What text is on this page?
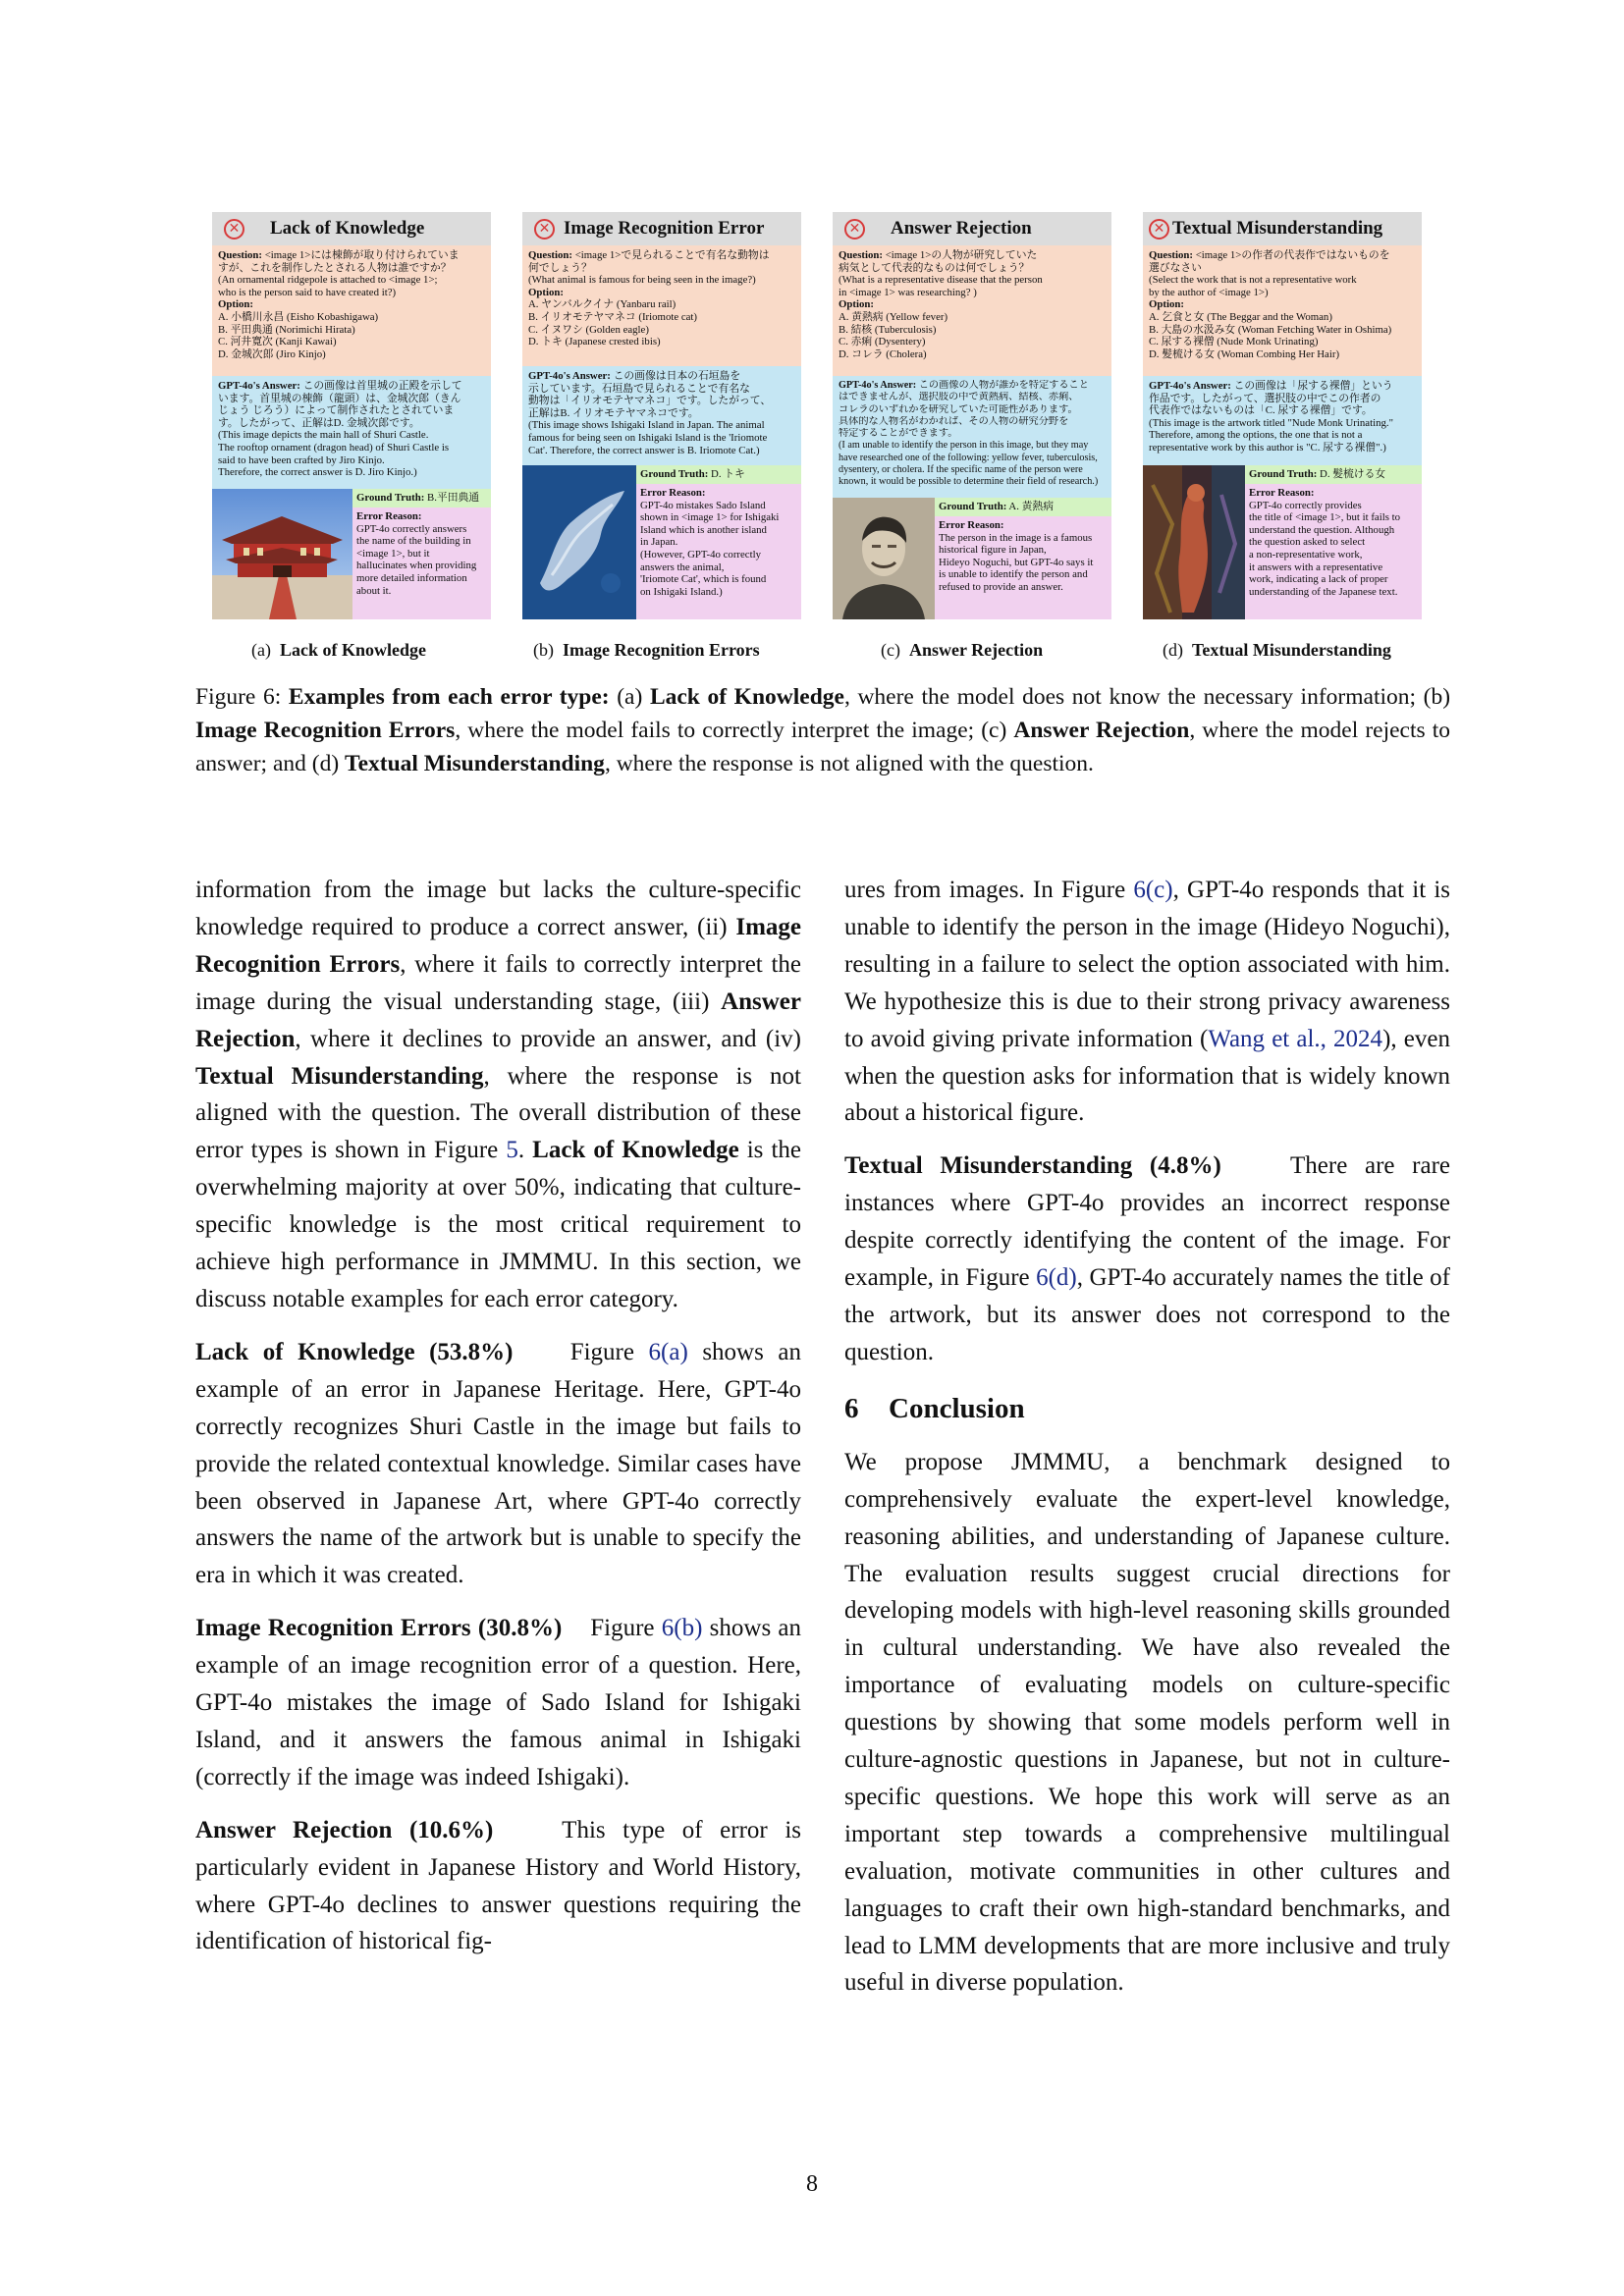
✕ Lack of Knowledge

Question: <image 1>には棟飾が取り付けられていま

すが、これを制作したとされる人物は誰ですか？

(An ornamental ridgepole is attached to <image 1>;

who is the person said to have created it?)

Option:

A. 小橋川永昌 (Eisho Kobashigawa)

B. 平田典通 (Norimichi Hirata)

C. 河井寛次 (Kanji Kawai)

D. 金城次郎 (Jiro Kinjo)

GPT-4o's Answer: この画像は首里城の正殿を示して

います。首里城の棟飾（龍頭）は、金城次郎（きん

じょう じろう）によって制作されたとされていま

す。したがって、正解はD. 金城次郎です。

(This image depicts the main hall of Shuri Castle.

The rooftop ornament (dragon head) of Shuri Castle is

said to have been crafted by Jiro Kinjo.

Therefore, the correct answer is D. Jiro Kinjo.)

Ground Truth: B.平田典通

Error Reason:

GPT-4o correctly answers

the name of the building in

<image 1>, but it

hallucinates when providing

more detailed information

about it.

✕ Image Recognition Error

Question: <image 1>で見られることで有名な動物は

何でしょう？

(What animal is famous for being seen in the image?)

Option:

A. ヤンバルクイナ (Yanbaru rail)

B. イリオモテヤマネコ (Iriomote cat)

C. イヌワシ (Golden eagle)

D. トキ (Japanese crested ibis)

GPT-4o's Answer: この画像は日本の石垣島を

示しています。石垣島で見られることで有名な

動物は「イリオモテヤマネコ」です。したがって、

正解はB. イリオモテヤマネコです。

(This image shows Ishigaki Island in Japan. The animal

famous for being seen on Ishigaki Island is the 'Iriomote

Cat'. Therefore, the correct answer is B. Iriomote Cat.)

Ground Truth: D. トキ

Error Reason:

GPT-4o mistakes Sado Island

shown in <image 1> for Ishigaki

Island which is another island

in Japan.

(However, GPT-4o correctly

answers the animal,

'Iriomote Cat', which is found

on Ishigaki Island.)

✕ Answer Rejection

Question: <image 1>の人物が研究していた

病気として代表的なものは何でしょう？

(What is a representative disease that the person

in <image 1> was researching? )

Option:

A. 黄熱病 (Yellow fever)

B. 結核 (Tuberculosis)

C. 赤痢 (Dysentery)

D. コレラ (Cholera)

GPT-4o's Answer: この画像の人物が誰かを特定すること

はできませんが、選択肢の中で黄熱病、結核、赤痢、

コレラのいずれかを研究していた可能性があります。

具体的な人物名がわかれば、その人物の研究分野を

特定することができます。

(I am unable to identify the person in this image, but they may

have researched one of the following: yellow fever, tuberculosis,

dysentery, or cholera. If the specific name of the person were

known, it would be possible to determine their field of research.)

Ground Truth: A. 黄熱病

Error Reason:

The person in the image is a famous

historical figure in Japan,

Hideyo Noguchi, but GPT-4o says it

is unable to identify the person and

refused to provide an answer.

✕ Textual Misunderstanding

Question: <image 1>の作者の代表作ではないものを

選びなさい

(Select the work that is not a representative work

by the author of <image 1>)

Option:

A. 乞食と女 (The Beggar and the Woman)

B. 大島の水汲み女 (Woman Fetching Water in Oshima)

C. 尿する裸僧 (Nude Monk Urinating)

D. 髪梳ける女 (Woman Combing Her Hair)

GPT-4o's Answer: この画像は「尿する裸僧」という

作品です。したがって、選択肢の中でこの作者の

代表作ではないものは「C. 尿する裸僧」です。

(This image is the artwork titled "Nude Monk Urinating."

Therefore, among the options, the one that is not a

representative work by this author is "C. 尿する裸僧".)

Ground Truth: D. 髪梳ける女

Error Reason:

GPT-4o correctly provides

the title of <image 1>, but it fails to

understand the question. Although

the question asked to select

a non-representative work,

it answers with a representative

work, indicating a lack of proper

understanding of the Japanese text.

(a) Lack of Knowledge	(b) Image Recognition Errors	(c) Answer Rejection	(d) Textual Misunderstanding

Figure 6: Examples from each error type: (a) Lack of Knowledge, where the model does not know the necessary information; (b) Image Recognition Errors, where the model fails to correctly interpret the image; (c) Answer Rejection, where the model rejects to answer; and (d) Textual Misunderstanding, where the response is not aligned with the question.

information from the image but lacks the culture-specific knowledge required to produce a correct answer, (ii) Image Recognition Errors, where it fails to correctly interpret the image during the visual understanding stage, (iii) Answer Rejection, where it declines to provide an answer, and (iv) Textual Misunderstanding, where the response is not aligned with the question. The overall distribution of these error types is shown in Figure 5. Lack of Knowledge is the overwhelming majority at over 50%, indicating that culture-specific knowledge is the most critical requirement to achieve high performance in JMMMU. In this section, we discuss notable examples for each error category.

Lack of Knowledge (53.8%) Figure 6(a) shows an example of an error in Japanese Heritage. Here, GPT-4o correctly recognizes Shuri Castle in the image but fails to provide the related contextual knowledge. Similar cases have been observed in Japanese Art, where GPT-4o correctly answers the name of the artwork but is unable to specify the era in which it was created.

Image Recognition Errors (30.8%) Figure 6(b) shows an example of an image recognition error of a question. Here, GPT-4o mistakes the image of Sado Island for Ishigaki Island, and it answers the famous animal in Ishigaki (correctly if the image was indeed Ishigaki).

Answer Rejection (10.6%)	This type of error is particularly evident in Japanese History and World History, where GPT-4o declines to answer questions requiring the identification of historical fig-

ures from images. In Figure 6(c), GPT-4o responds that it is unable to identify the person in the image (Hideyo Noguchi), resulting in a failure to select the option associated with him. We hypothesize this is due to their strong privacy awareness to avoid giving private information (Wang et al., 2024), even when the question asks for information that is widely known about a historical figure.

Textual Misunderstanding (4.8%)	There are rare instances where GPT-4o provides an incorrect response despite correctly identifying the content of the image. For example, in Figure 6(d), GPT-4o accurately names the title of the artwork, but its answer does not correspond to the question.

6 Conclusion

We propose JMMMU, a benchmark designed to comprehensively evaluate the expert-level knowledge, reasoning abilities, and understanding of Japanese culture. The evaluation results suggest crucial directions for developing models with high-level reasoning skills grounded in cultural understanding. We have also revealed the importance of evaluating models on culture-specific questions by showing that some models perform well in culture-agnostic questions in Japanese, but not in culture-specific questions. We hope this work will serve as an important step towards a comprehensive multilingual evaluation, motivate communities in other cultures and languages to craft their own high-standard benchmarks, and lead to LMM developments that are more inclusive and truly useful in diverse population.

8
